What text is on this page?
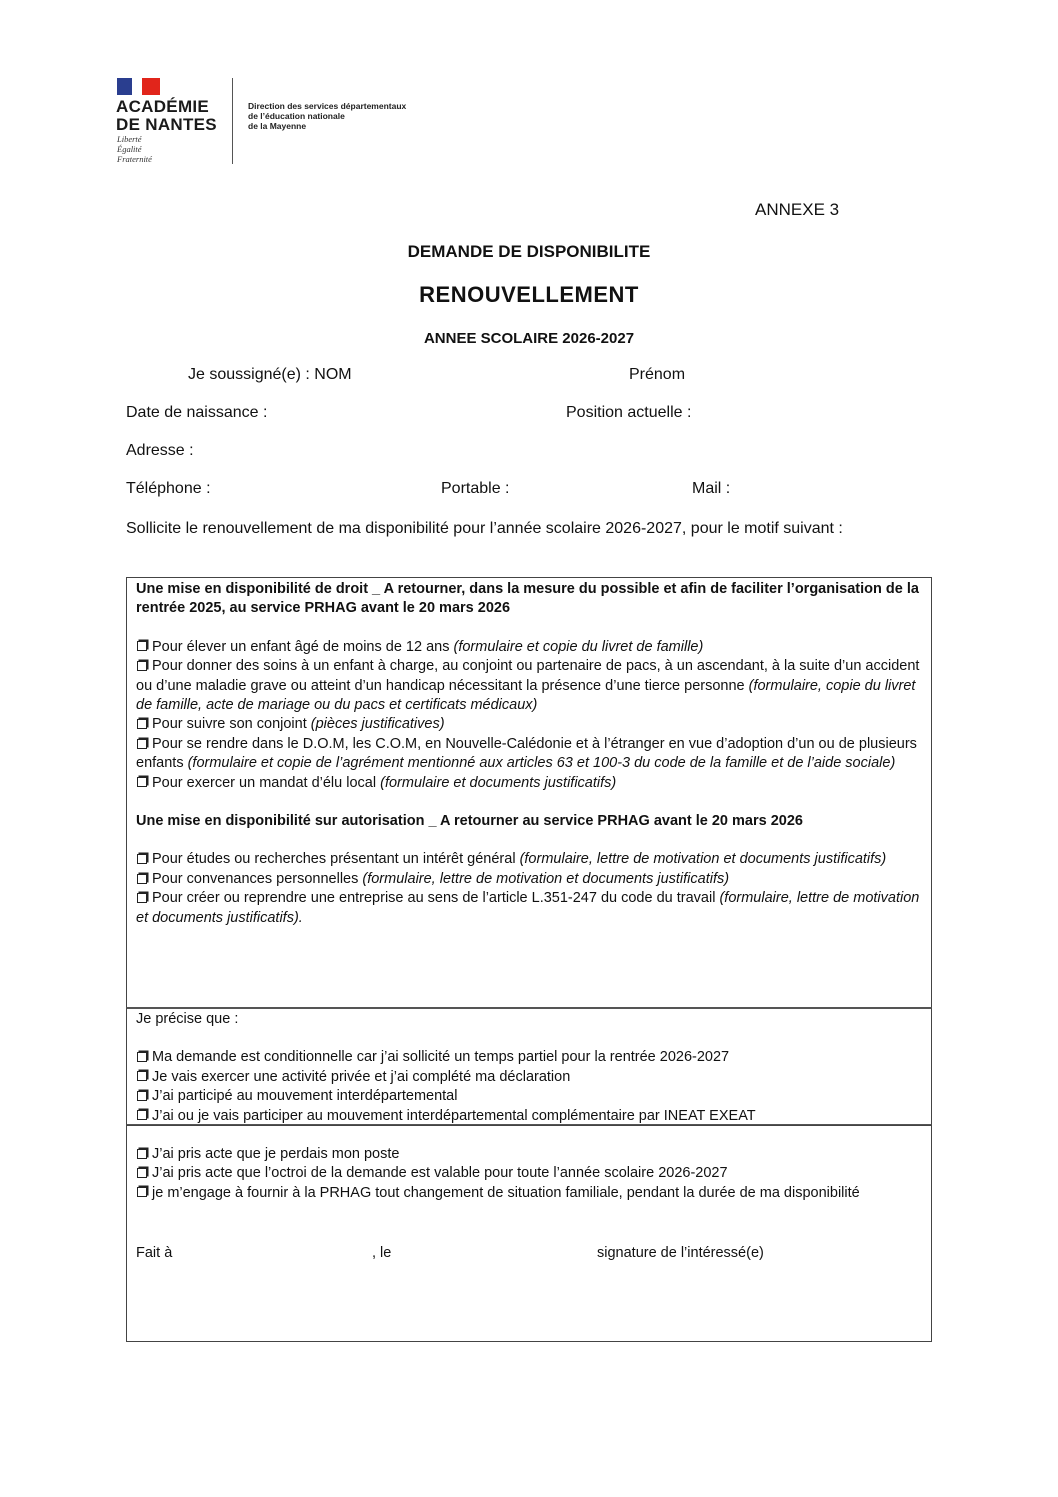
ACADÉMIE
DE NANTES
Liberté
Égalité
Fraternité
Direction des services départementaux
de l’éducation nationale
de la Mayenne
ANNEXE 3
DEMANDE DE DISPONIBILITE
RENOUVELLEMENT
ANNEE SCOLAIRE 2026-2027
Je soussigné(e) : NOM	Prénom
Date de naissance :	Position actuelle :
Adresse :
Téléphone :	Portable :	Mail :
Sollicite le renouvellement de ma disponibilité pour l’année scolaire 2026-2027, pour le motif suivant :
Une mise en disponibilité de droit _ A retourner, dans la mesure du possible et afin de faciliter l’organisation de la rentrée 2025, au service PRHAG avant le 20 mars 2026
Pour élever un enfant âgé de moins de 12 ans (formulaire et copie du livret de famille)
Pour donner des soins à un enfant à charge, au conjoint ou partenaire de pacs, à un ascendant, à la suite d’un accident ou d’une maladie grave ou atteint d’un handicap nécessitant la présence d’une tierce personne (formulaire, copie du livret de famille, acte de mariage ou du pacs et certificats médicaux)
Pour suivre son conjoint (pièces justificatives)
Pour se rendre dans le D.O.M, les C.O.M, en Nouvelle-Calédonie et à l’étranger en vue d’adoption d’un ou de plusieurs enfants (formulaire et copie de l’agrément mentionné aux articles 63 et 100-3 du code de la famille et de l’aide sociale)
Pour exercer un mandat d’élu local (formulaire et documents justificatifs)
Une mise en disponibilité sur autorisation _ A retourner au service PRHAG avant le 20 mars 2026
Pour études ou recherches présentant un intérêt général (formulaire, lettre de motivation et documents justificatifs)
Pour convenances personnelles (formulaire, lettre de motivation et documents justificatifs)
Pour créer ou reprendre une entreprise au sens de l’article L.351-247 du code du travail (formulaire, lettre de motivation et documents justificatifs).
Je précise que :
Ma demande est conditionnelle car j’ai sollicité un temps partiel pour la rentrée 2026-2027
Je vais exercer une activité privée et j’ai complété ma déclaration
J’ai participé au mouvement interdépartemental
J’ai ou je vais participer au mouvement interdépartemental complémentaire par INEAT EXEAT
J’ai pris acte que je perdais mon poste
J’ai pris acte que l’octroi de la demande est valable pour toute l’année scolaire 2026-2027
je m’engage à fournir à la PRHAG tout changement de situation familiale, pendant la durée de ma disponibilité
Fait à	, le	signature de l’intéressé(e)
